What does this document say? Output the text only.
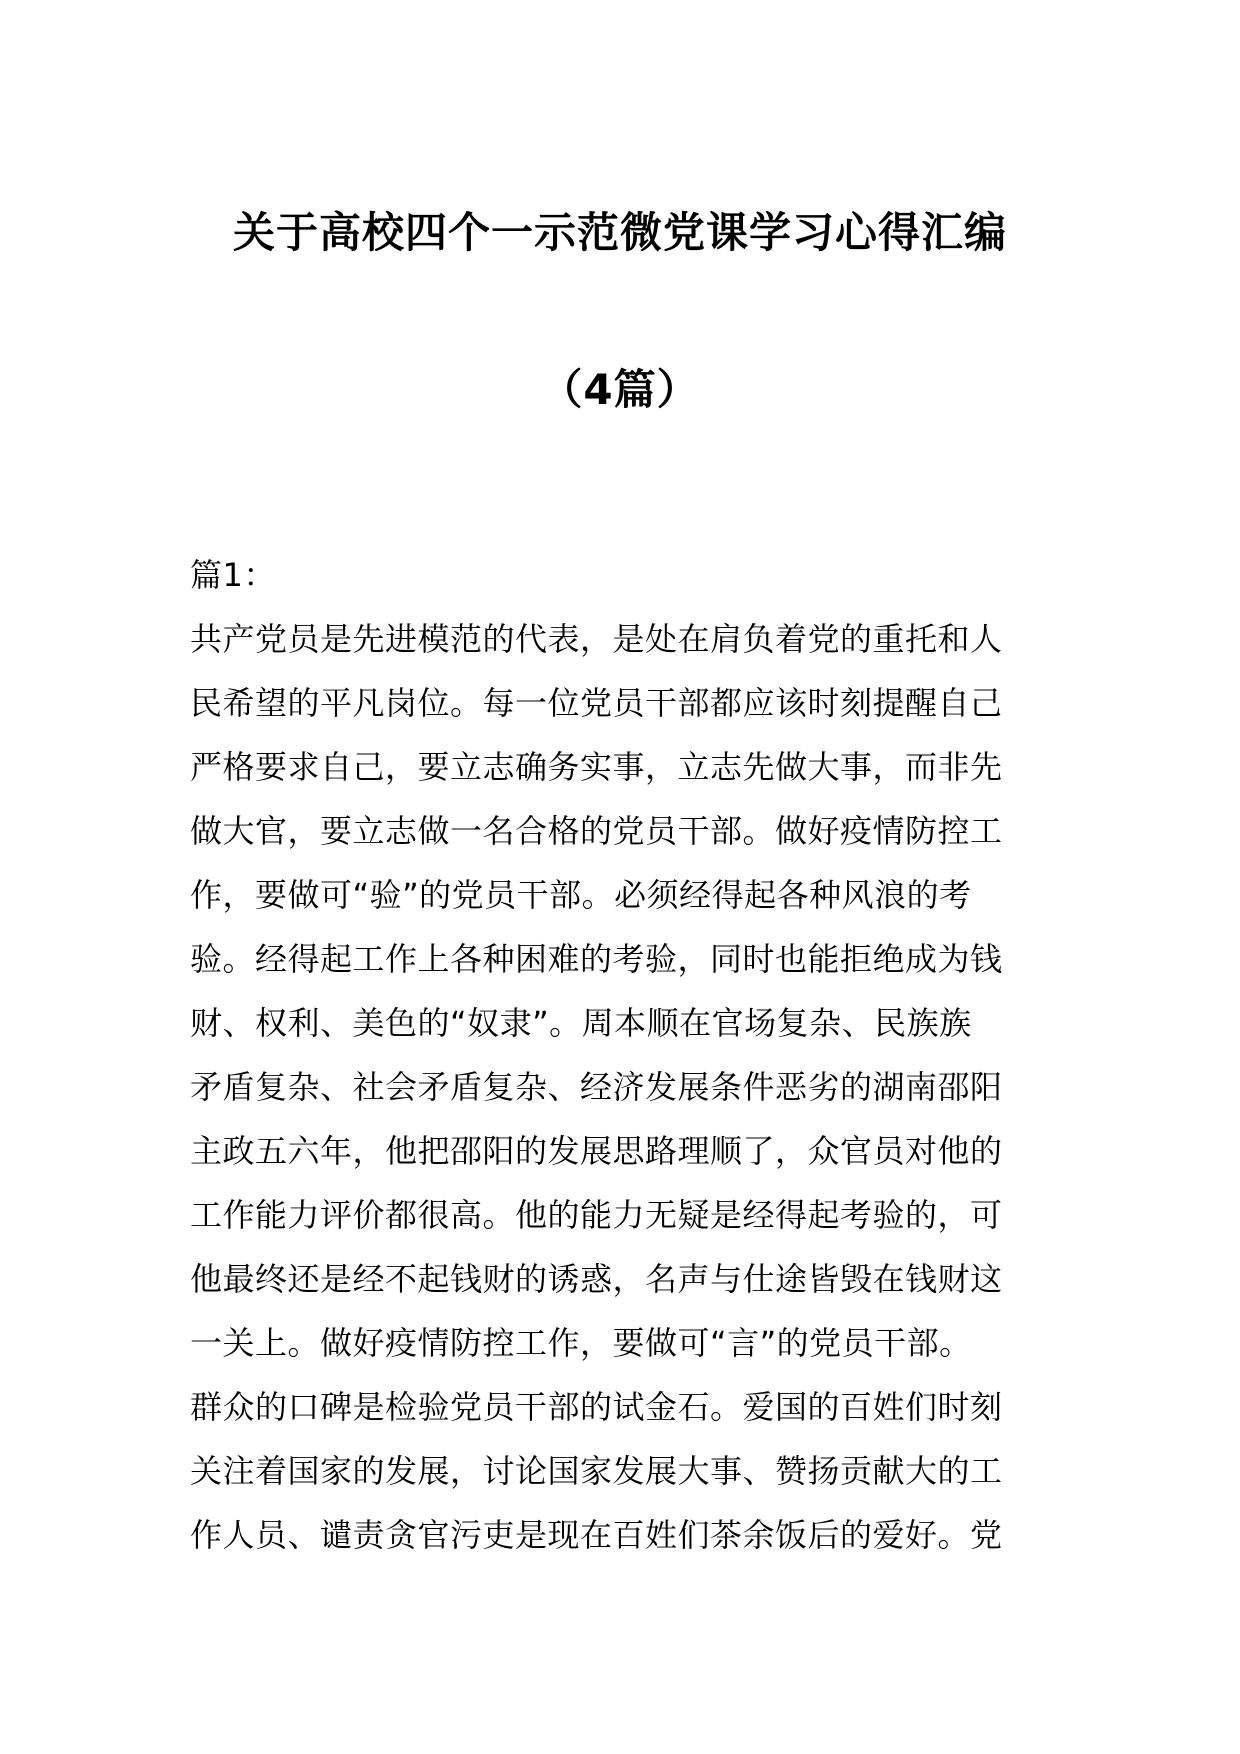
关于高校四个一示范微党课学习心得汇编
（4篇）
篇1：
共产党员是先进模范的代表，是处在肩负着党的重托和人
民希望的平凡岗位。每一位党员干部都应该时刻提醒自己
严格要求自己，要立志确务实事，立志先做大事，而非先
做大官，要立志做一名合格的党员干部。做好疫情防控工
作，要做可“验”的党员干部。必须经得起各种风浪的考
验。经得起工作上各种困难的考验，同时也能拒绝成为钱
财、权利、美色的“奴隶”。周本顺在官场复杂、民族族
矛盾复杂、社会矛盾复杂、经济发展条件恶劣的湖南邵阳
主政五六年，他把邵阳的发展思路理顺了，众官员对他的
工作能力评价都很高。他的能力无疑是经得起考验的，可
他最终还是经不起钱财的诱惑，名声与仕途皆毁在钱财这
一关上。做好疫情防控工作，要做可“言”的党员干部。
群众的口碑是检验党员干部的试金石。爱国的百姓们时刻
关注着国家的发展，讨论国家发展大事、赞扬贡献大的工
作人员、谴责贪官污吏是现在百姓们茶余饭后的爱好。党
